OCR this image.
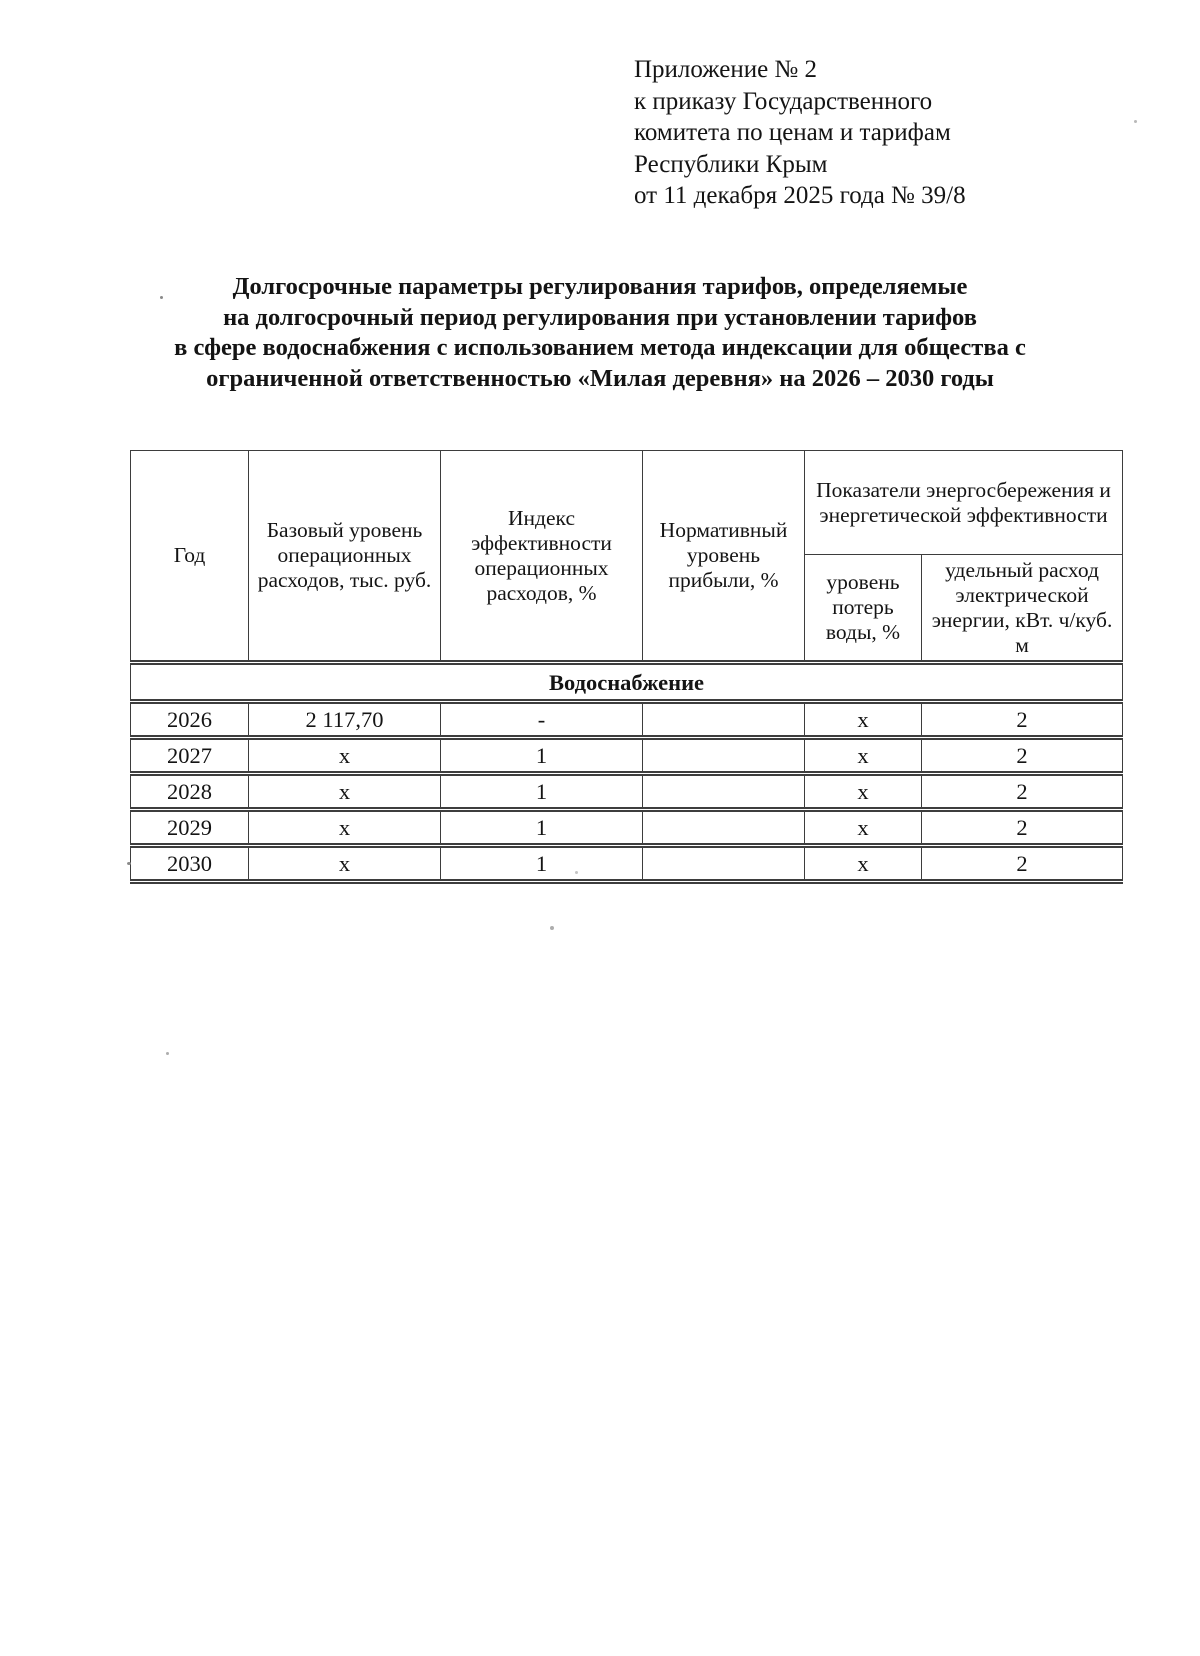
Приложение № 2
к приказу Государственного
комитета по ценам и тарифам
Республики Крым
от 11 декабря 2025 года № 39/8
Долгосрочные параметры регулирования тарифов, определяемые
на долгосрочный период регулирования при установлении тарифов
в сфере водоснабжения с использованием метода индексации для общества с
ограниченной ответственностью «Милая деревня» на 2026 – 2030 годы
Год	Базовый уровень операционных расходов, тыс. руб.	Индекс эффективности операционных расходов, %	Нормативный уровень прибыли, %	Показатели энергосбережения и энергетической эффективности	
				уровень потерь воды, %	удельный расход электрической энергии, кВт. ч/куб. м
Водоснабжение					
2026	2 117,70	-		х	2
2027	х	1		х	2
2028	х	1		х	2
2029	х	1		х	2
2030	х	1		х	2
